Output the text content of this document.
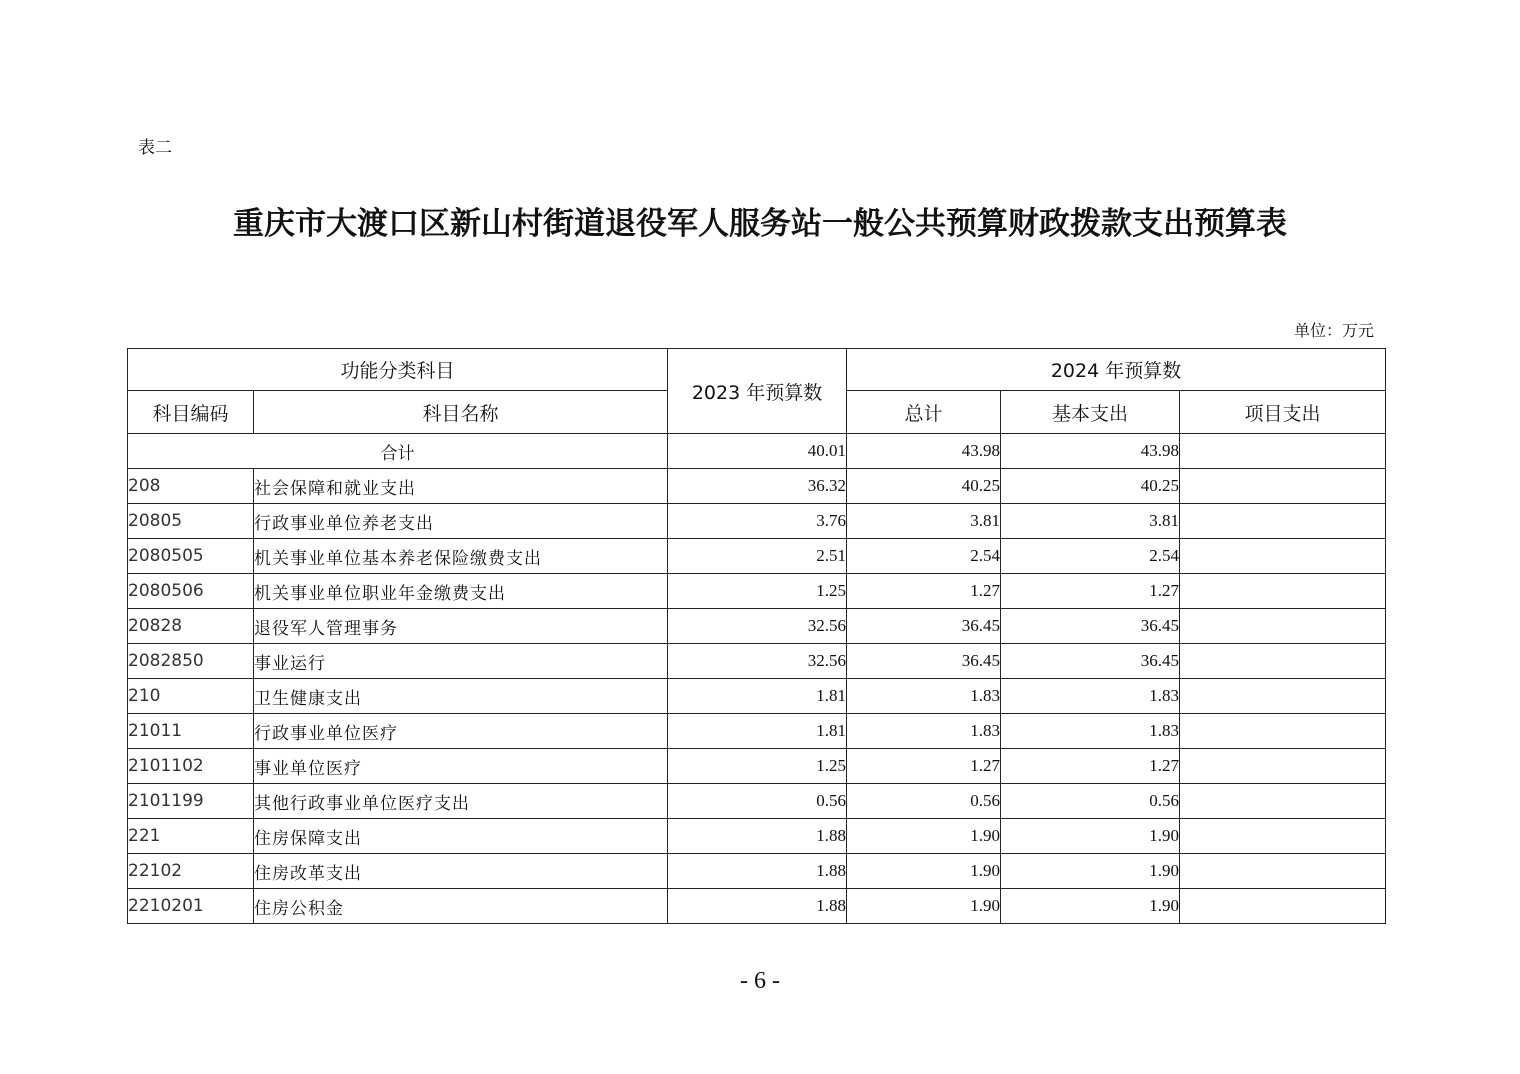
表二
重庆市大渡口区新山村街道退役军人服务站一般公共预算财政拨款支出预算表
单位：万元
功能分类科目		2023 年预算数	2024 年预算数		
科目编码	科目名称		总计	基本支出	项目支出
合计		40.01	43.98	43.98	
208	社会保障和就业支出	36.32	40.25	40.25	
20805	行政事业单位养老支出	3.76	3.81	3.81	
2080505	机关事业单位基本养老保险缴费支出	2.51	2.54	2.54	
2080506	机关事业单位职业年金缴费支出	1.25	1.27	1.27	
20828	退役军人管理事务	32.56	36.45	36.45	
2082850	事业运行	32.56	36.45	36.45	
210	卫生健康支出	1.81	1.83	1.83	
21011	行政事业单位医疗	1.81	1.83	1.83	
2101102	事业单位医疗	1.25	1.27	1.27	
2101199	其他行政事业单位医疗支出	0.56	0.56	0.56	
221	住房保障支出	1.88	1.90	1.90	
22102	住房改革支出	1.88	1.90	1.90	
2210201	住房公积金	1.88	1.90	1.90	
- 6 -
